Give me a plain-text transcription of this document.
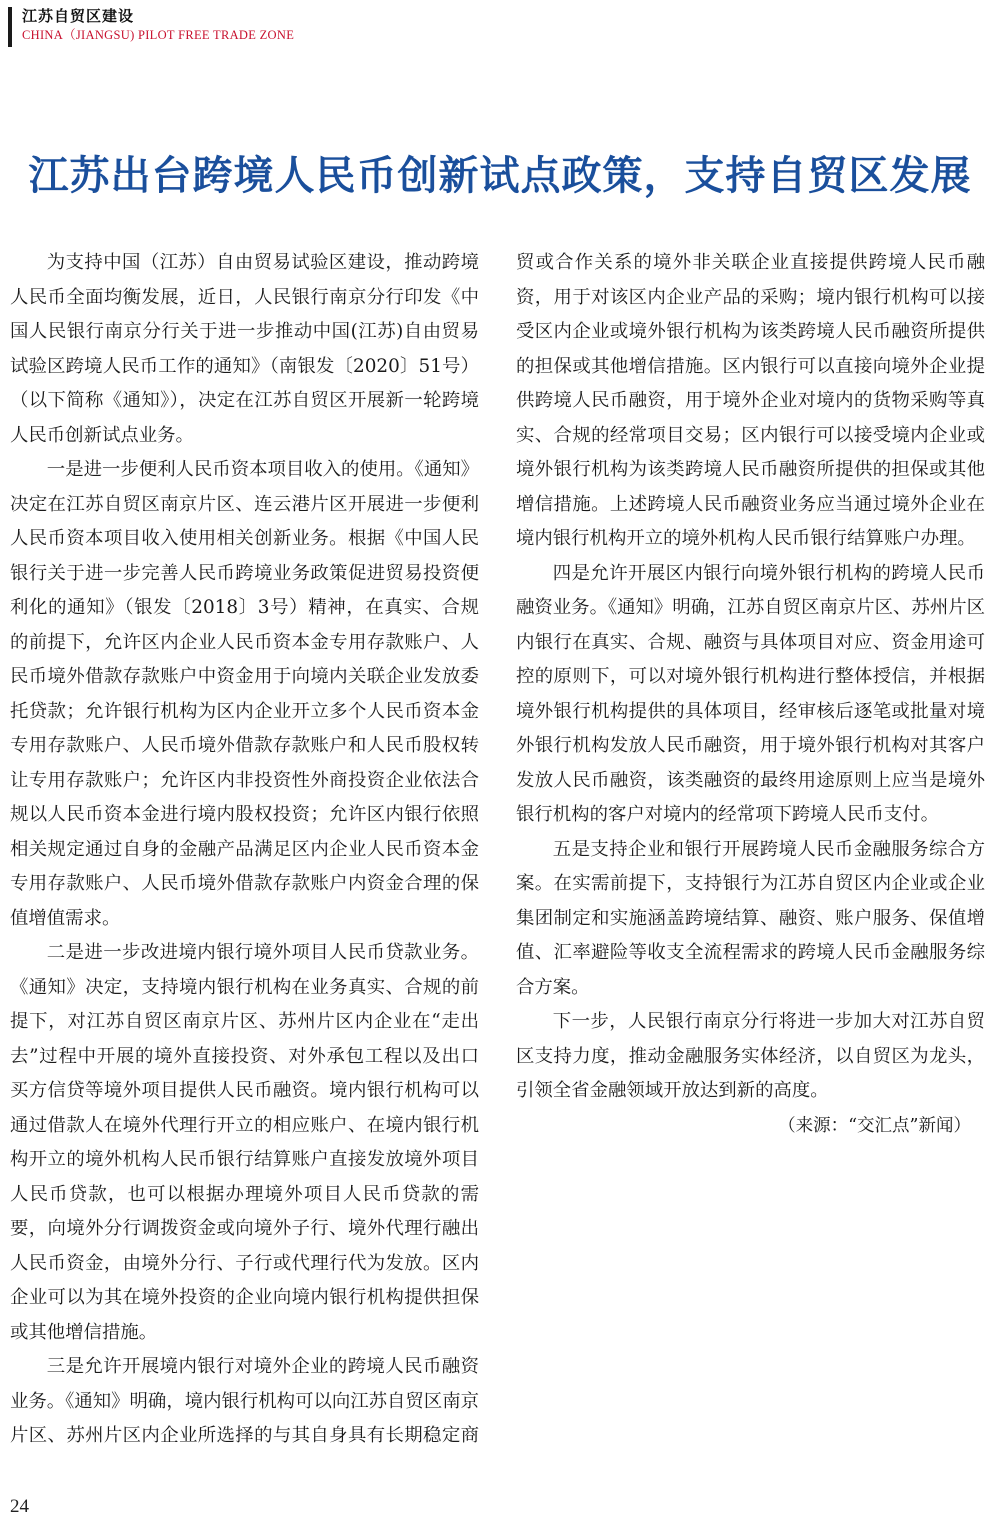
江苏自贸区建设
CHINA（JIANGSU) PILOT FREE TRADE ZONE
江苏出台跨境人民币创新试点政策，支持自贸区发展

为支持中国（江苏）自由贸易试验区建设，推动跨境人民币全面均衡发展，近日，人民银行南京分行印发《中国人民银行南京分行关于进一步推动中国(江苏)自由贸易试验区跨境人民币工作的通知》（南银发〔2020〕51号）（以下简称《通知》），决定在江苏自贸区开展新一轮跨境人民币创新试点业务。

一是进一步便利人民币资本项目收入的使用。《通知》决定在江苏自贸区南京片区、连云港片区开展进一步便利人民币资本项目收入使用相关创新业务。根据《中国人民银行关于进一步完善人民币跨境业务政策促进贸易投资便利化的通知》（银发〔2018〕3号）精神，在真实、合规的前提下，允许区内企业人民币资本金专用存款账户、人民币境外借款存款账户中资金用于向境内关联企业发放委托贷款；允许银行机构为区内企业开立多个人民币资本金专用存款账户、人民币境外借款存款账户和人民币股权转让专用存款账户；允许区内非投资性外商投资企业依法合规以人民币资本金进行境内股权投资；允许区内银行依照相关规定通过自身的金融产品满足区内企业人民币资本金专用存款账户、人民币境外借款存款账户内资金合理的保值增值需求。

二是进一步改进境内银行境外项目人民币贷款业务。《通知》决定，支持境内银行机构在业务真实、合规的前提下，对江苏自贸区南京片区、苏州片区内企业在“走出去”过程中开展的境外直接投资、对外承包工程以及出口买方信贷等境外项目提供人民币融资。境内银行机构可以通过借款人在境外代理行开立的相应账户、在境内银行机构开立的境外机构人民币银行结算账户直接发放境外项目人民币贷款，也可以根据办理境外项目人民币贷款的需要，向境外分行调拨资金或向境外子行、境外代理行融出人民币资金，由境外分行、子行或代理行代为发放。区内企业可以为其在境外投资的企业向境内银行机构提供担保或其他增信措施。

三是允许开展境内银行对境外企业的跨境人民币融资业务。《通知》明确，境内银行机构可以向江苏自贸区南京片区、苏州片区内企业所选择的与其自身具有长期稳定商贸或合作关系的境外非关联企业直接提供跨境人民币融资，用于对该区内企业产品的采购；境内银行机构可以接受区内企业或境外银行机构为该类跨境人民币融资所提供的担保或其他增信措施。区内银行可以直接向境外企业提供跨境人民币融资，用于境外企业对境内的货物采购等真实、合规的经常项目交易；区内银行可以接受境内企业或境外银行机构为该类跨境人民币融资所提供的担保或其他增信措施。上述跨境人民币融资业务应当通过境外企业在境内银行机构开立的境外机构人民币银行结算账户办理。

四是允许开展区内银行向境外银行机构的跨境人民币融资业务。《通知》明确，江苏自贸区南京片区、苏州片区内银行在真实、合规、融资与具体项目对应、资金用途可控的原则下，可以对境外银行机构进行整体授信，并根据境外银行机构提供的具体项目，经审核后逐笔或批量对境外银行机构发放人民币融资，用于境外银行机构对其客户发放人民币融资，该类融资的最终用途原则上应当是境外银行机构的客户对境内的经常项下跨境人民币支付。

五是支持企业和银行开展跨境人民币金融服务综合方案。在实需前提下，支持银行为江苏自贸区内企业或企业集团制定和实施涵盖跨境结算、融资、账户服务、保值增值、汇率避险等收支全流程需求的跨境人民币金融服务综合方案。

下一步，人民银行南京分行将进一步加大对江苏自贸区支持力度，推动金融服务实体经济，以自贸区为龙头，引领全省金融领域开放达到新的高度。

（来源：“交汇点”新闻）

24
